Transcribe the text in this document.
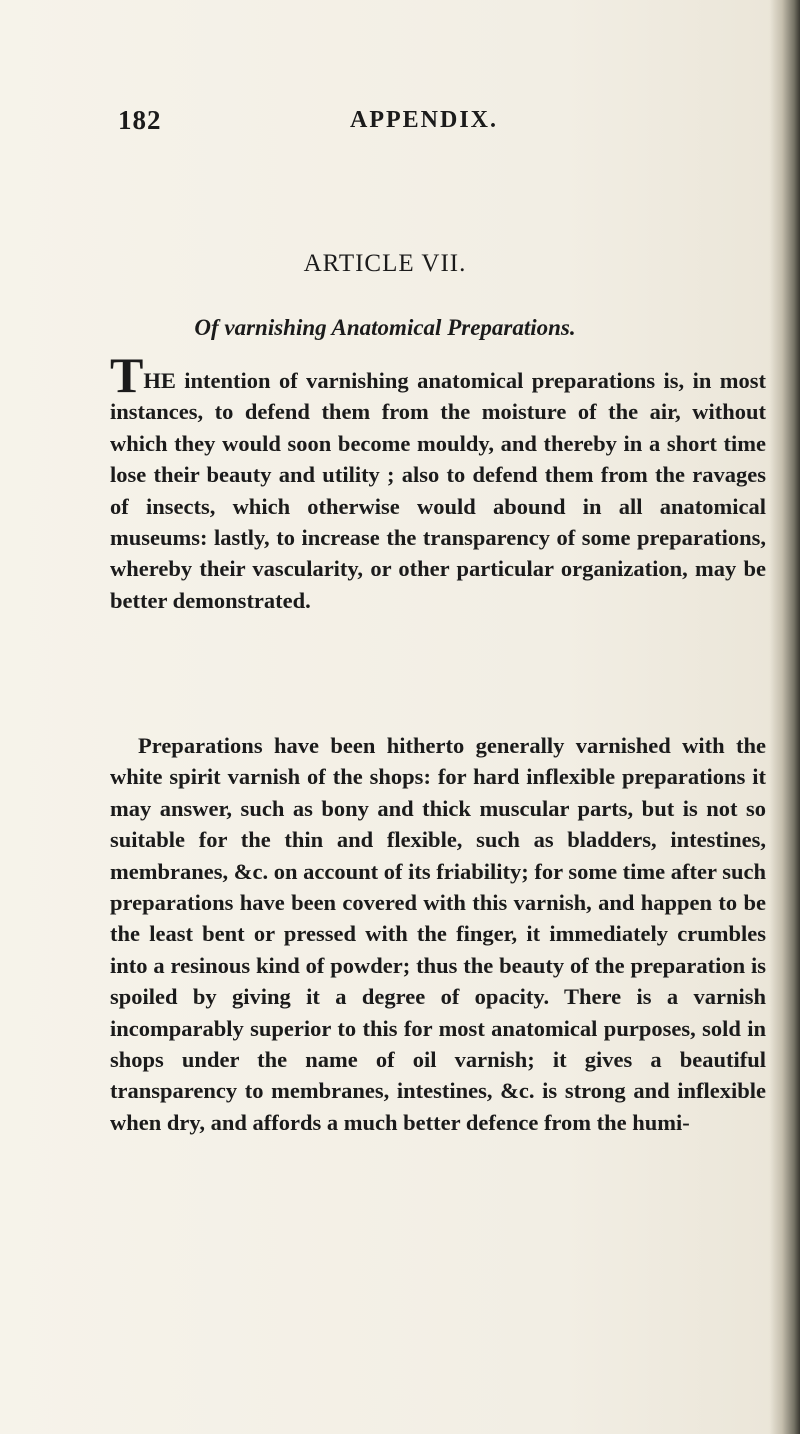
182	APPENDIX.
ARTICLE VII.
Of varnishing Anatomical Preparations.

THE intention of varnishing anatomical preparations is, in most instances, to defend them from the moisture of the air, without which they would soon become mouldy, and thereby in a short time lose their beauty and utility ; also to defend them from the ravages of insects, which otherwise would abound in all anatomical museums: lastly, to increase the transparency of some preparations, whereby their vascularity, or other particular organization, may be better demonstrated.

Preparations have been hitherto generally varnished with the white spirit varnish of the shops: for hard inflexible preparations it may answer, such as bony and thick muscular parts, but is not so suitable for the thin and flexible, such as bladders, intestines, membranes, &c. on account of its friability; for some time after such preparations have been covered with this varnish, and happen to be the least bent or pressed with the finger, it immediately crumbles into a resinous kind of powder; thus the beauty of the preparation is spoiled by giving it a degree of opacity. There is a varnish incomparably superior to this for most anatomical purposes, sold in shops under the name of oil varnish; it gives a beautiful transparency to membranes, intestines, &c. is strong and inflexible when dry, and affords a much better defence from the humi-
